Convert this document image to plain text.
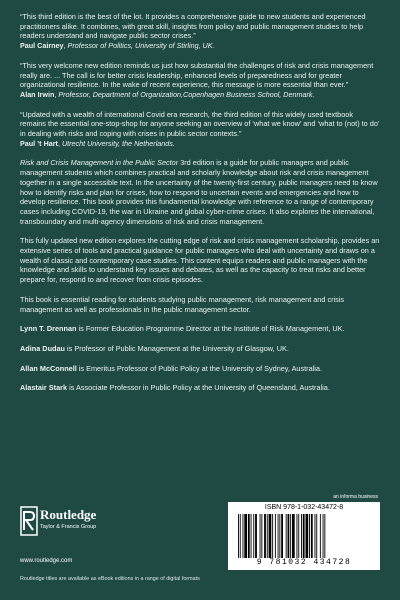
“This third edition is the best of the lot. It provides a comprehensive guide to new students and experienced practitioners alike. It combines, with great skill, insights from policy and public management studies to help readers understand and navigate public sector crises.”
Paul Cairney, Professor of Politics, University of Stirling, UK.
“This very welcome new edition reminds us just how substantial the challenges of risk and crisis management really are. ... The call is for better crisis leadership, enhanced levels of preparedness and for greater organizational resilience. In the wake of recent experience, this message is more essential than ever.”
Alan Irwin, Professor, Department of Organization,Copenhagen Business School, Denmark.
“Updated with a wealth of international Covid era research, the third edition of this widely used textbook remains the essential one-stop-shop for anyone seeking an overview of ‘what we know’ and ‘what to (not) to do’ in dealing with risks and coping with crises in public sector contexts.”
Paul ’t Hart, Utrecht University, the Netherlands.
Risk and Crisis Management in the Public Sector 3rd edition is a guide for public managers and public management students which combines practical and scholarly knowledge about risk and crisis management together in a single accessible text. In the uncertainty of the twenty-first century, public managers need to know how to identify risks and plan for crises, how to respond to uncertain events and emergencies and how to develop resilience. This book provides this fundamental knowledge with reference to a range of contemporary cases including COVID-19, the war in Ukraine and global cyber-crime crises. It also explores the international, transboundary and multi-agency dimensions of risk and crisis management.
This fully updated new edition explores the cutting edge of risk and crisis management scholarship, provides an extensive series of tools and practical guidance for public managers who deal with uncertainty and draws on a wealth of classic and contemporary case studies. This content equips readers and public managers with the knowledge and skills to understand key issues and debates, as well as the capacity to treat risks and better prepare for, respond to and recover from crisis episodes.
This book is essential reading for students studying public management, risk management and crisis management as well as professionals in the public management sector.
Lynn T. Drennan is Former Education Programme Director at the Institute of Risk Management, UK.
Adina Dudau is Professor of Public Management at the University of Glasgow, UK.
Allan McConnell is Emeritus Professor of Public Policy at the University of Sydney, Australia.
Alastair Stark is Associate Professor in Public Policy at the University of Queensland, Australia.
Routledge
Taylor & Francis Group
www.routledge.com
Routledge titles are available as eBook editions in a range of digital formats
an informa business
ISBN 978-1-032-43472-8
9 781032 434728
